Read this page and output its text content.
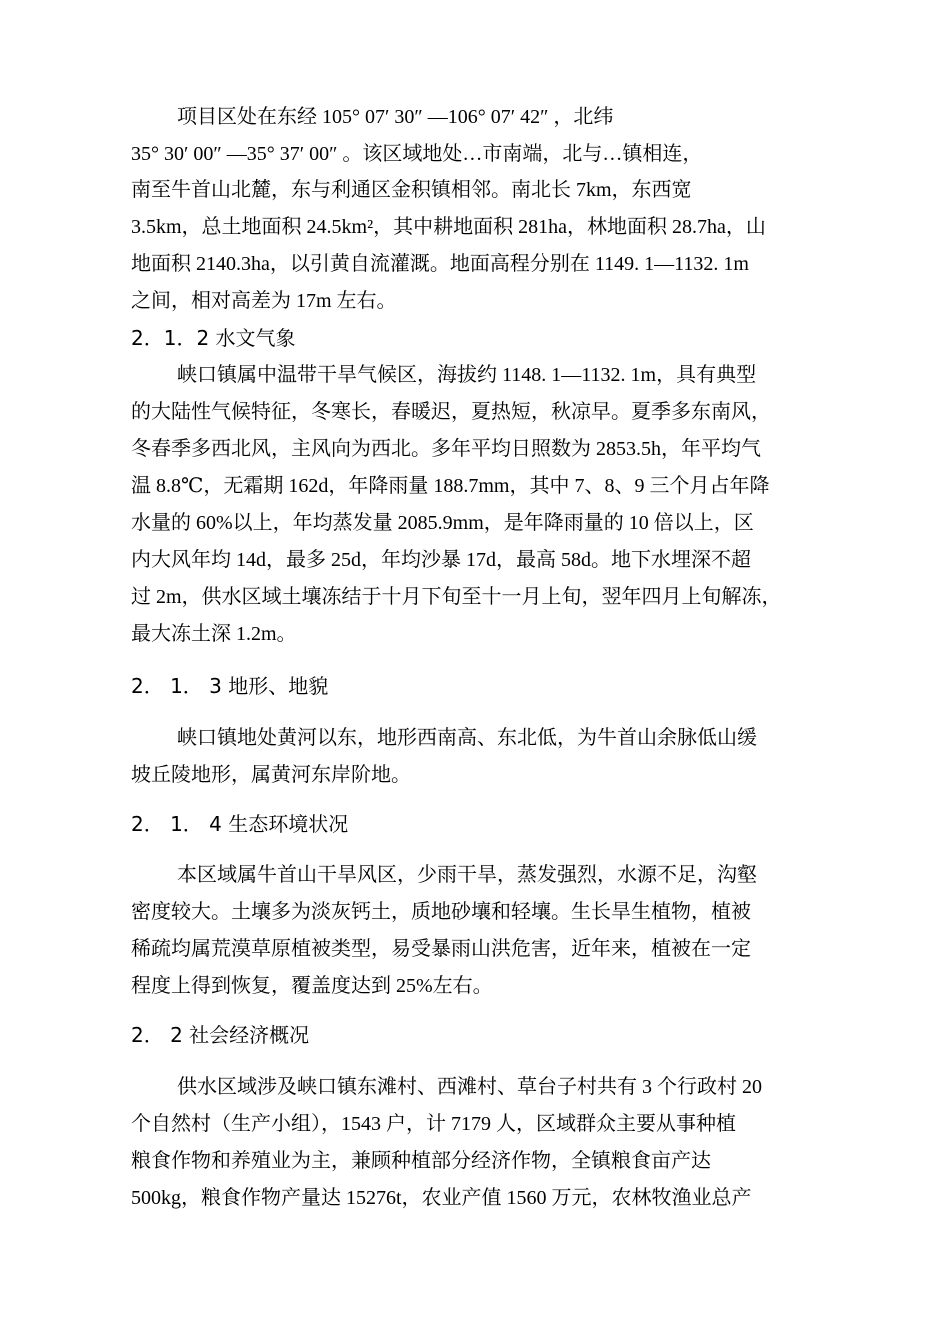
项目区处在东经 105° 07′ 30″ —106° 07′ 42″ ，北纬
35° 30′ 00″ —35° 37′ 00″ 。该区域地处…市南端，北与…镇相连，
南至牛首山北麓，东与利通区金积镇相邻。南北长 7km，东西宽
3.5km，总土地面积 24.5km²，其中耕地面积 281ha，林地面积 28.7ha，山
地面积 2140.3ha，以引黄自流灌溉。地面高程分别在 1149. 1—1132. 1m
之间，相对高差为 17m 左右。
2．1．2 水文气象
峡口镇属中温带干旱气候区，海拔约 1148. 1—1132. 1m，具有典型
的大陆性气候特征，冬寒长，春暖迟，夏热短，秋凉早。夏季多东南风，
冬春季多西北风，主风向为西北。多年平均日照数为 2853.5h，年平均气
温 8.8℃，无霜期 162d，年降雨量 188.7mm，其中 7、8、9 三个月占年降
水量的 60%以上，年均蒸发量 2085.9mm，是年降雨量的 10 倍以上，区
内大风年均 14d，最多 25d，年均沙暴 17d，最高 58d。地下水埋深不超
过 2m，供水区域土壤冻结于十月下旬至十一月上旬，翌年四月上旬解冻，
最大冻土深 1.2m。
2． 1． 3 地形、地貌
峡口镇地处黄河以东，地形西南高、东北低，为牛首山余脉低山缓
坡丘陵地形，属黄河东岸阶地。
2． 1． 4 生态环境状况
本区域属牛首山干旱风区，少雨干旱，蒸发强烈，水源不足，沟壑
密度较大。土壤多为淡灰钙土，质地砂壤和轻壤。生长旱生植物，植被
稀疏均属荒漠草原植被类型，易受暴雨山洪危害，近年来，植被在一定
程度上得到恢复，覆盖度达到 25%左右。
2． 2 社会经济概况
供水区域涉及峡口镇东滩村、西滩村、草台子村共有 3 个行政村 20
个自然村（生产小组），1543 户，计 7179 人，区域群众主要从事种植
粮食作物和养殖业为主，兼顾种植部分经济作物，全镇粮食亩产达
500kg，粮食作物产量达 15276t，农业产值 1560 万元，农林牧渔业总产
